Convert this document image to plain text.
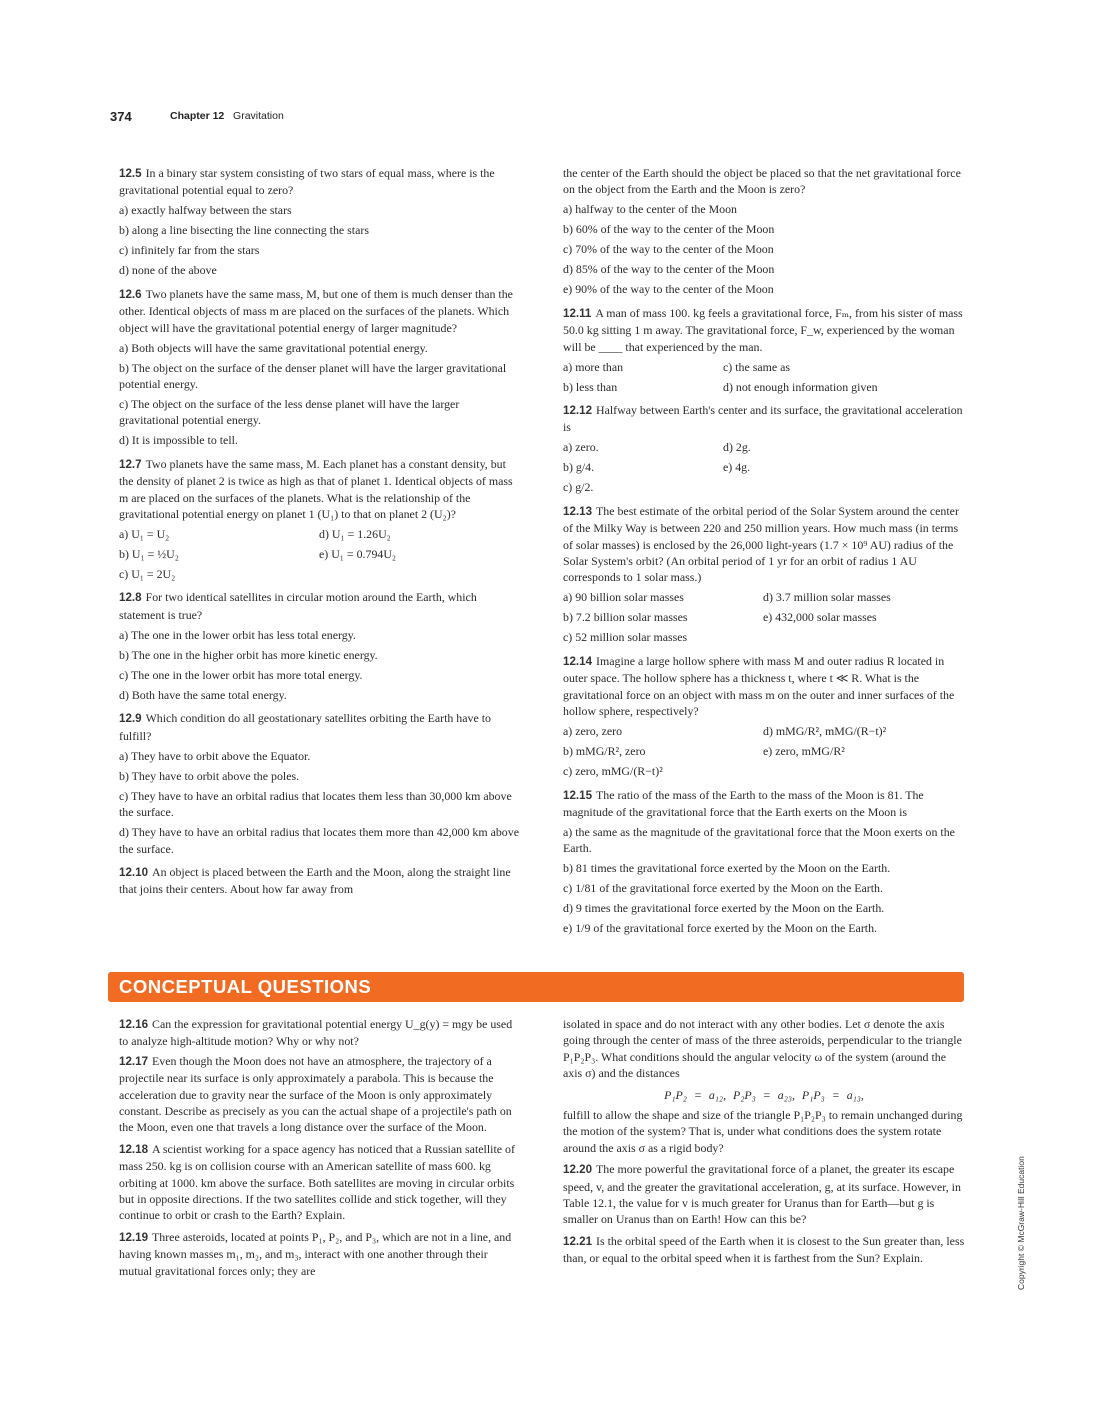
374	Chapter 12 Gravitation

12.5 In a binary star system consisting of two stars of equal mass, where is the gravitational potential equal to zero?

a) exactly halfway between the stars

b) along a line bisecting the line connecting the stars

c) infinitely far from the stars

d) none of the above

12.6 Two planets have the same mass, M, but one of them is much denser than the other. Identical objects of mass m are placed on the surfaces of the planets. Which object will have the gravitational potential energy of larger magnitude?

a) Both objects will have the same gravitational potential energy.

b) The object on the surface of the denser planet will have the larger gravitational potential energy.

c) The object on the surface of the less dense planet will have the larger gravitational potential energy.

d) It is impossible to tell.

12.7 Two planets have the same mass, M. Each planet has a constant density, but the density of planet 2 is twice as high as that of planet 1. Identical objects of mass m are placed on the surfaces of the planets. What is the relationship of the gravitational potential energy on planet 1 (U₁) to that on planet 2 (U₂)?

a) U₁ = U₂	d) U₁ = 1.26U₂
b) U₁ = ½U₂	e) U₁ = 0.794U₂
c) U₁ = 2U₂

12.8 For two identical satellites in circular motion around the Earth, which statement is true?

a) The one in the lower orbit has less total energy.

b) The one in the higher orbit has more kinetic energy.

c) The one in the lower orbit has more total energy.

d) Both have the same total energy.

12.9 Which condition do all geostationary satellites orbiting the Earth have to fulfill?

a) They have to orbit above the Equator.

b) They have to orbit above the poles.

c) They have to have an orbital radius that locates them less than 30,000 km above the surface.

d) They have to have an orbital radius that locates them more than 42,000 km above the surface.

12.10 An object is placed between the Earth and the Moon, along the straight line that joins their centers. About how far away from

the center of the Earth should the object be placed so that the net gravitational force on the object from the Earth and the Moon is zero?

a) halfway to the center of the Moon

b) 60% of the way to the center of the Moon

c) 70% of the way to the center of the Moon

d) 85% of the way to the center of the Moon

e) 90% of the way to the center of the Moon

12.11 A man of mass 100. kg feels a gravitational force, Fₘ, from his sister of mass 50.0 kg sitting 1 m away. The gravitational force, F_w, experienced by the woman will be ____ that experienced by the man.

a) more than	c) the same as
b) less than	d) not enough information given

12.12 Halfway between Earth's center and its surface, the gravitational acceleration is

a) zero.	d) 2g.
b) g/4.	e) 4g.
c) g/2.

12.13 The best estimate of the orbital period of the Solar System around the center of the Milky Way is between 220 and 250 million years. How much mass (in terms of solar masses) is enclosed by the 26,000 light-years (1.7 × 10⁹ AU) radius of the Solar System's orbit? (An orbital period of 1 yr for an orbit of radius 1 AU corresponds to 1 solar mass.)

a) 90 billion solar masses	d) 3.7 million solar masses
b) 7.2 billion solar masses	e) 432,000 solar masses
c) 52 million solar masses

12.14 Imagine a large hollow sphere with mass M and outer radius R located in outer space. The hollow sphere has a thickness t, where t ≪ R. What is the gravitational force on an object with mass m on the outer and inner surfaces of the hollow sphere, respectively?

a) zero, zero	d) mMG/R², mMG/(R−t)²
b) mMG/R², zero	e) zero, mMG/R²
c) zero, mMG/(R−t)²

12.15 The ratio of the mass of the Earth to the mass of the Moon is 81. The magnitude of the gravitational force that the Earth exerts on the Moon is

a) the same as the magnitude of the gravitational force that the Moon exerts on the Earth.

b) 81 times the gravitational force exerted by the Moon on the Earth.

c) 1/81 of the gravitational force exerted by the Moon on the Earth.

d) 9 times the gravitational force exerted by the Moon on the Earth.

e) 1/9 of the gravitational force exerted by the Moon on the Earth.

CONCEPTUAL QUESTIONS

12.16 Can the expression for gravitational potential energy U_g(y) = mgy be used to analyze high-altitude motion? Why or why not?

12.17 Even though the Moon does not have an atmosphere, the trajectory of a projectile near its surface is only approximately a parabola. This is because the acceleration due to gravity near the surface of the Moon is only approximately constant. Describe as precisely as you can the actual shape of a projectile's path on the Moon, even one that travels a long distance over the surface of the Moon.

12.18 A scientist working for a space agency has noticed that a Russian satellite of mass 250. kg is on collision course with an American satellite of mass 600. kg orbiting at 1000. km above the surface. Both satellites are moving in circular orbits but in opposite directions. If the two satellites collide and stick together, will they continue to orbit or crash to the Earth? Explain.

12.19 Three asteroids, located at points P₁, P₂, and P₃, which are not in a line, and having known masses m₁, m₂, and m₃, interact with one another through their mutual gravitational forces only; they are

isolated in space and do not interact with any other bodies. Let σ denote the axis going through the center of mass of the three asteroids, perpendicular to the triangle P₁P₂P₃. What conditions should the angular velocity ω of the system (around the axis σ) and the distances

P₁P₂ = a₁₂, P₂P₃ = a₂₃, P₁P₃ = a₁₃,

fulfill to allow the shape and size of the triangle P₁P₂P₃ to remain unchanged during the motion of the system? That is, under what conditions does the system rotate around the axis σ as a rigid body?

12.20 The more powerful the gravitational force of a planet, the greater its escape speed, v, and the greater the gravitational acceleration, g, at its surface. However, in Table 12.1, the value for v is much greater for Uranus than for Earth—but g is smaller on Uranus than on Earth! How can this be?

12.21 Is the orbital speed of the Earth when it is closest to the Sun greater than, less than, or equal to the orbital speed when it is farthest from the Sun? Explain.	Copyright © McGraw-Hill Education
